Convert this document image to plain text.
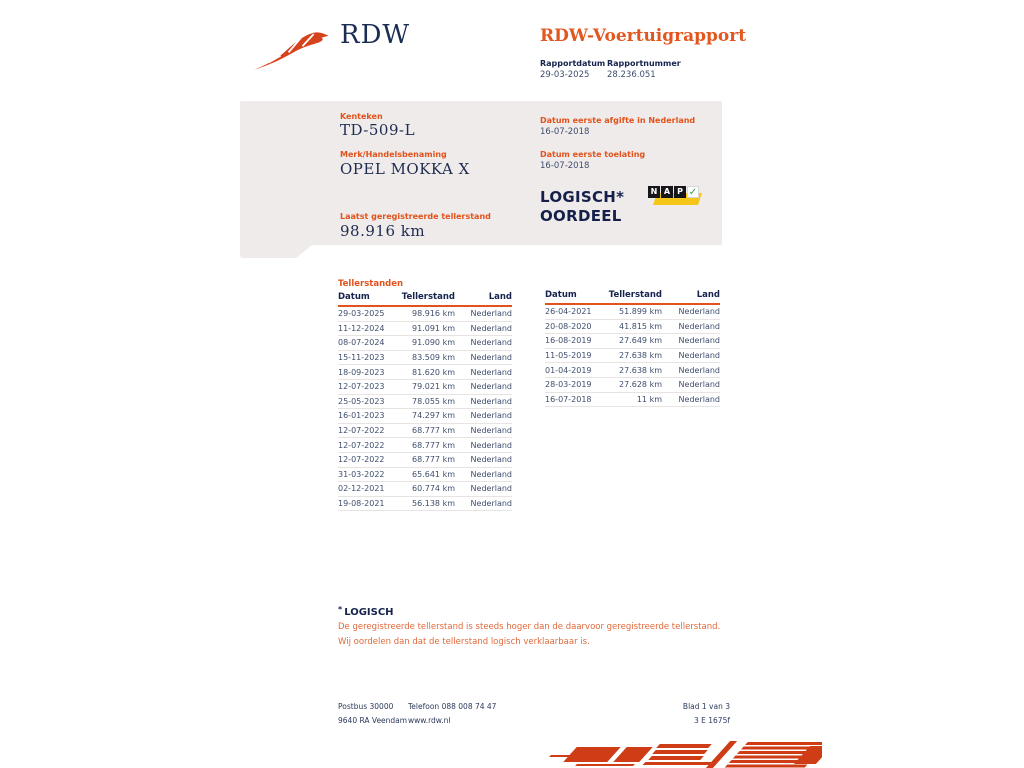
RDW	RDW-Voertuigrapport
Rapportdatum Rapportnummer
29-03-2025 28.236.051
Kenteken
TD-509-L
Merk/Handelsbenaming
OPEL MOKKA X
Laatst geregistreerde tellerstand
98.916 km
Datum eerste afgifte in Nederland
16-07-2018
Datum eerste toelating
16-07-2018
LOGISCH*
OORDEEL
N A P ✓
Tellerstanden
Datum	Tellerstand	Land
29-03-2025	98.916 km	Nederland
11-12-2024	91.091 km	Nederland
08-07-2024	91.090 km	Nederland
15-11-2023	83.509 km	Nederland
18-09-2023	81.620 km	Nederland
12-07-2023	79.021 km	Nederland
25-05-2023	78.055 km	Nederland
16-01-2023	74.297 km	Nederland
12-07-2022	68.777 km	Nederland
12-07-2022	68.777 km	Nederland
12-07-2022	68.777 km	Nederland
31-03-2022	65.641 km	Nederland
02-12-2021	60.774 km	Nederland
19-08-2021	56.138 km	Nederland
Datum	Tellerstand	Land
26-04-2021	51.899 km	Nederland
20-08-2020	41.815 km	Nederland
16-08-2019	27.649 km	Nederland
11-05-2019	27.638 km	Nederland
01-04-2019	27.638 km	Nederland
28-03-2019	27.628 km	Nederland
16-07-2018	11 km	Nederland
* LOGISCH
De geregistreerde tellerstand is steeds hoger dan de daarvoor geregistreerde tellerstand. Wij oordelen dan dat de tellerstand logisch verklaarbaar is.
Postbus 30000
9640 RA Veendam
Telefoon 088 008 74 47
www.rdw.nl
Blad 1 van 3
3 E 1675f
